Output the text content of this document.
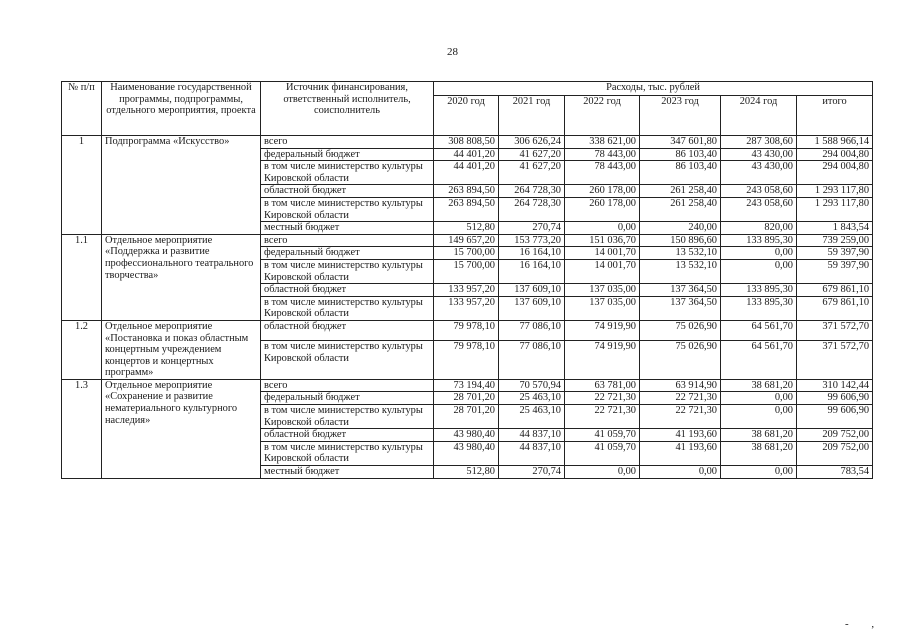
28
№ п/п	Наименование государственной программы, подпрограммы, отдельного мероприятия, проекта	Источник финансирования, ответственный исполнитель, соисполнитель	Расходы, тыс. рублей					
			2020 год	2021 год	2022 год	2023 год	2024 год	итого
1	Подпрограмма «Искусство»	всего	308 808,50	306 626,24	338 621,00	347 601,80	287 308,60	1 588 966,14
		федеральный бюджет	44 401,20	41 627,20	78 443,00	86 103,40	43 430,00	294 004,80
		в том числе министерство культуры Кировской области	44 401,20	41 627,20	78 443,00	86 103,40	43 430,00	294 004,80
		областной бюджет	263 894,50	264 728,30	260 178,00	261 258,40	243 058,60	1 293 117,80
		в том числе министерство культуры Кировской области	263 894,50	264 728,30	260 178,00	261 258,40	243 058,60	1 293 117,80
		местный бюджет	512,80	270,74	0,00	240,00	820,00	1 843,54
1.1	Отдельное мероприятие «Поддержка и развитие профессионального театрального творчества»	всего	149 657,20	153 773,20	151 036,70	150 896,60	133 895,30	739 259,00
		федеральный бюджет	15 700,00	16 164,10	14 001,70	13 532,10	0,00	59 397,90
		в том числе министерство культуры Кировской области	15 700,00	16 164,10	14 001,70	13 532,10	0,00	59 397,90
		областной бюджет	133 957,20	137 609,10	137 035,00	137 364,50	133 895,30	679 861,10
		в том числе министерство культуры Кировской области	133 957,20	137 609,10	137 035,00	137 364,50	133 895,30	679 861,10
1.2	Отдельное мероприятие «Постановка и показ областным концертным учреждением концертов и концертных программ»	областной бюджет	79 978,10	77 086,10	74 919,90	75 026,90	64 561,70	371 572,70
		в том числе министерство культуры Кировской области	79 978,10	77 086,10	74 919,90	75 026,90	64 561,70	371 572,70
1.3	Отдельное мероприятие «Сохранение и развитие нематериального культурного наследия»	всего	73 194,40	70 570,94	63 781,00	63 914,90	38 681,20	310 142,44
		федеральный бюджет	28 701,20	25 463,10	22 721,30	22 721,30	0,00	99 606,90
		в том числе министерство культуры Кировской области	28 701,20	25 463,10	22 721,30	22 721,30	0,00	99 606,90
		областной бюджет	43 980,40	44 837,10	41 059,70	41 193,60	38 681,20	209 752,00
		в том числе министерство культуры Кировской области	43 980,40	44 837,10	41 059,70	41 193,60	38 681,20	209 752,00
		местный бюджет	512,80	270,74	0,00	0,00	0,00	783,54
- ,
